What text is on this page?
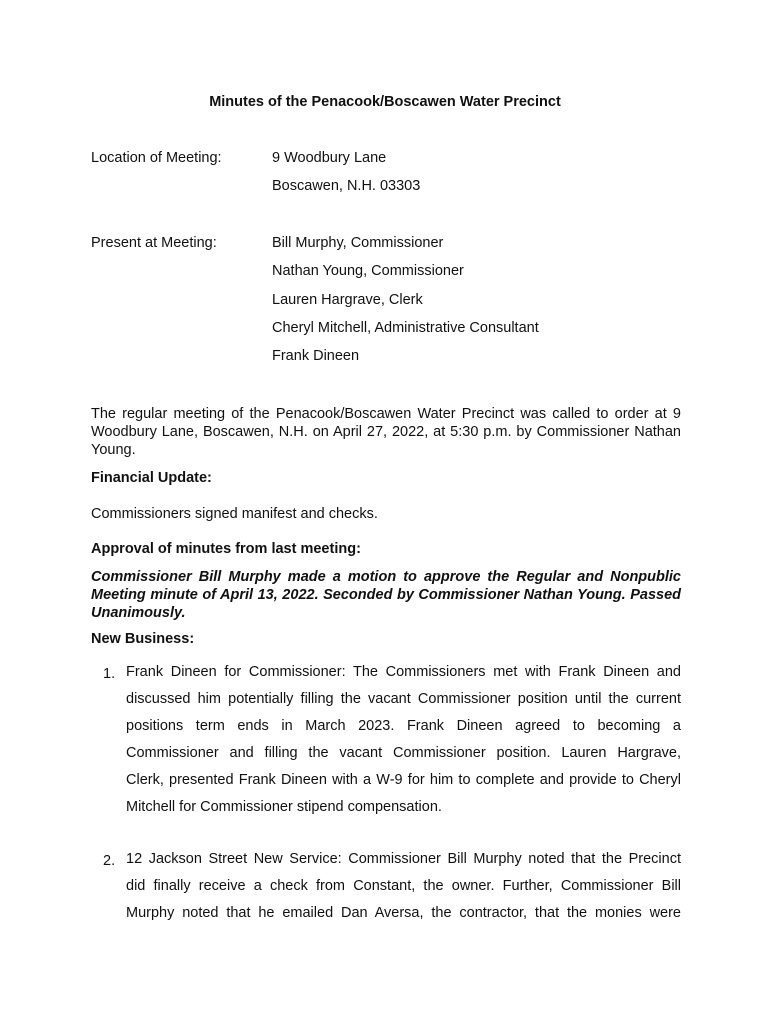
Minutes of the Penacook/Boscawen Water Precinct
Location of Meeting:	9 Woodbury Lane
Boscawen, N.H. 03303
Present at Meeting:	Bill Murphy, Commissioner
Nathan Young, Commissioner
Lauren Hargrave, Clerk
Cheryl Mitchell, Administrative Consultant
Frank Dineen
The regular meeting of the Penacook/Boscawen Water Precinct was called to order at 9 Woodbury Lane, Boscawen, N.H. on April 27, 2022, at 5:30 p.m. by Commissioner Nathan Young.
Financial Update:
Commissioners signed manifest and checks.
Approval of minutes from last meeting:
Commissioner Bill Murphy made a motion to approve the Regular and Nonpublic Meeting minute of April 13, 2022. Seconded by Commissioner Nathan Young. Passed Unanimously.
New Business:
1. Frank Dineen for Commissioner: The Commissioners met with Frank Dineen and
discussed him potentially filling the vacant Commissioner position until the current
positions term ends in March 2023. Frank Dineen agreed to becoming a
Commissioner and filling the vacant Commissioner position. Lauren Hargrave,
Clerk, presented Frank Dineen with a W-9 for him to complete and provide to Cheryl
Mitchell for Commissioner stipend compensation.
2. 12 Jackson Street New Service: Commissioner Bill Murphy noted that the Precinct
did finally receive a check from Constant, the owner. Further, Commissioner Bill
Murphy noted that he emailed Dan Aversa, the contractor, that the monies were
